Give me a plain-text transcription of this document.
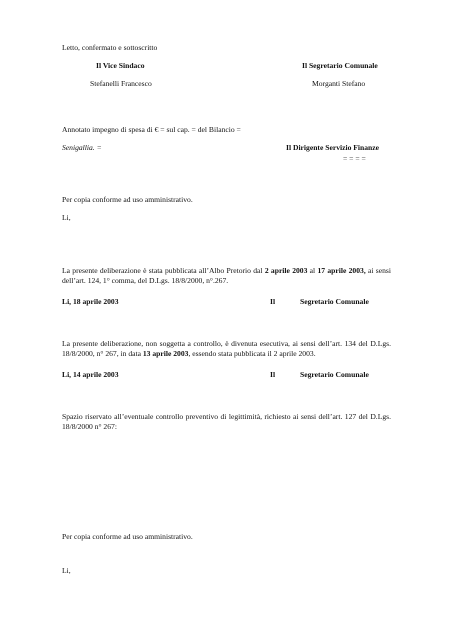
Letto, confermato e sottoscritto
Il Vice Sindaco	Il Segretario Comunale
Stefanelli Francesco	Morganti Stefano
Annotato impegno di spesa di € = sul cap. = del Bilancio =
Senigallia. =	Il Dirigente Servizio Finanze
= = = =
Per copia conforme ad uso amministrativo.
Li,
La presente deliberazione è stata pubblicata all’Albo Pretorio dal 2 aprile 2003 al 17 aprile 2003, ai sensi dell’art. 124, 1° comma, del D.Lgs. 18/8/2000, n°.267.
Li, 18 aprile 2003	Il	Segretario Comunale
La presente deliberazione, non soggetta a controllo, è divenuta esecutiva, ai sensi dell’art. 134 del D.Lgs. 18/8/2000, n° 267, in data 13 aprile 2003, essendo stata pubblicata il 2 aprile 2003.
Li, 14 aprile 2003	Il	Segretario Comunale
Spazio riservato all’eventuale controllo preventivo di legittimità, richiesto ai sensi dell’art. 127 del D.Lgs. 18/8/2000 n° 267:
Per copia conforme ad uso amministrativo.
Li,
